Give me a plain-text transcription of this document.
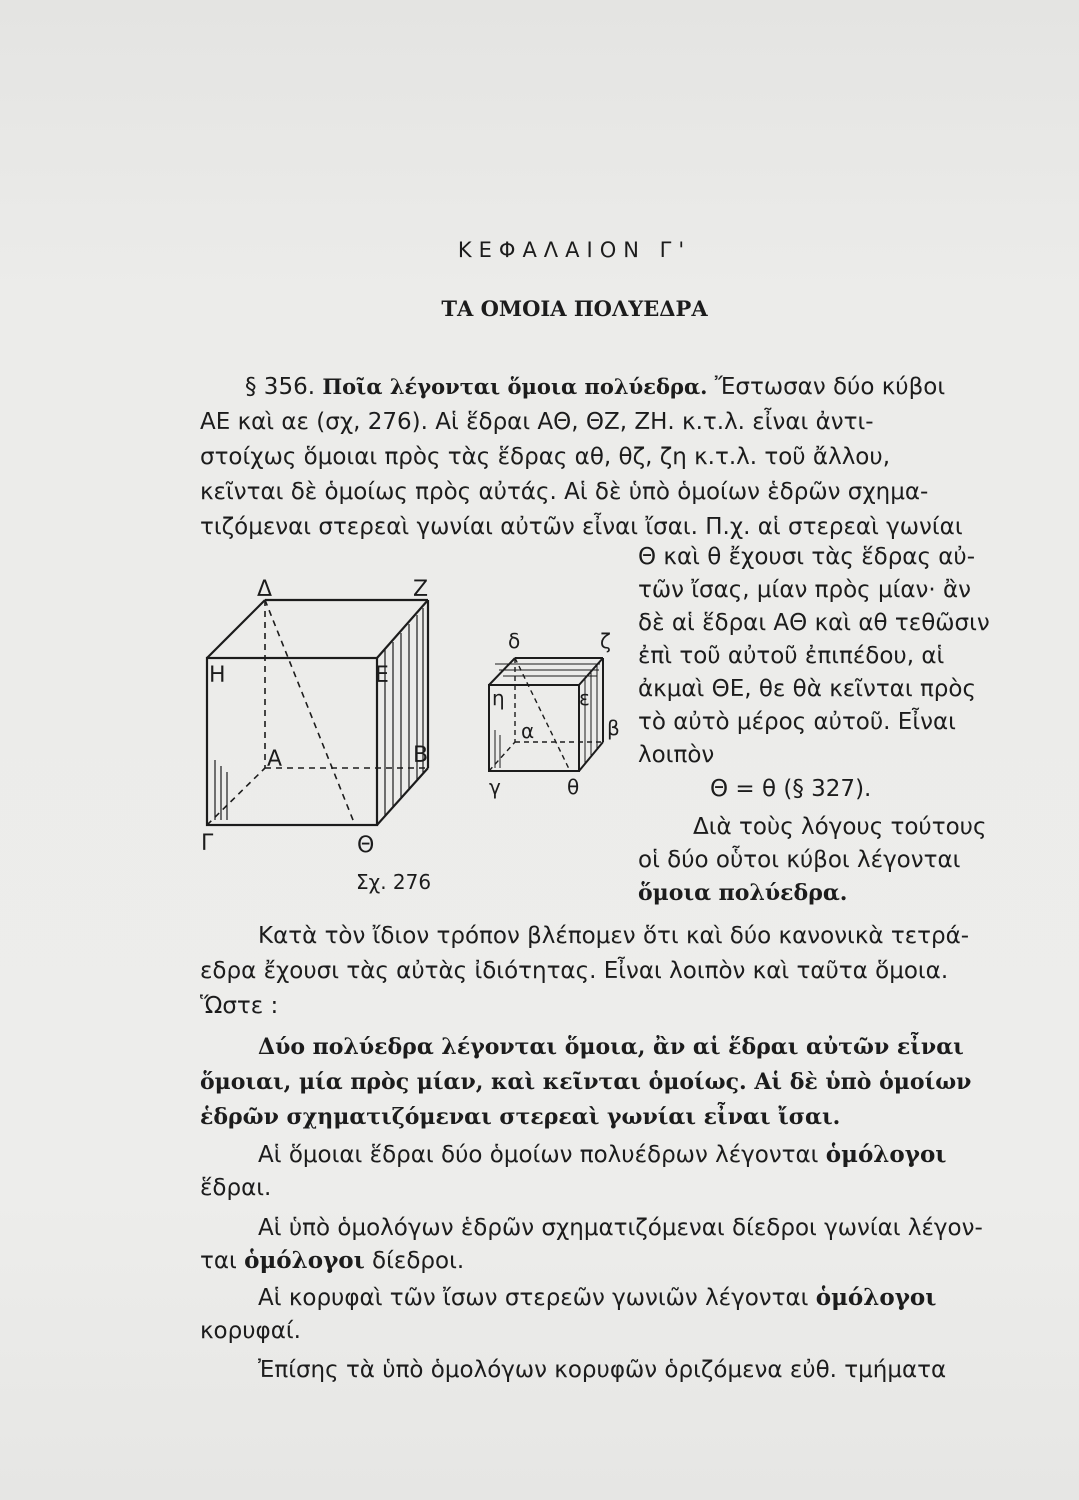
ΚΕΦΑΛΑΙΟΝ Γ'
ΤΑ ΟΜΟΙΑ ΠΟΛΥΕΔΡΑ
§ 356. Ποῖα λέγονται ὅμοια πολύεδρα. Ἔστωσαν δύο κύβοι
ΑΕ καὶ αε (σχ, 276). Αἱ ἕδραι ΑΘ, ΘΖ, ΖΗ. κ.τ.λ. εἶναι ἀντι-
στοίχως ὅμοιαι πρὸς τὰς ἕδρας αθ, θζ, ζη κ.τ.λ. τοῦ ἄλλου,
κεῖνται δὲ ὁμοίως πρὸς αὐτάς. Αἱ δὲ ὑπὸ ὁμοίων ἑδρῶν σχημα-
τιζόμεναι στερεαὶ γωνίαι αὐτῶν εἶναι ἴσαι. Π.χ. αἱ στερεαὶ γωνίαι
Δ	Ζ
Η	Ε
Α	Β
Γ	Θ
δ	ζ
η	ε
α	β
γ	θ
Σχ. 276
Θ καὶ θ ἔχουσι τὰς ἕδρας αὐ-
τῶν ἴσας, μίαν πρὸς μίαν· ἂν
δὲ αἱ ἕδραι ΑΘ καὶ αθ τεθῶσιν
ἐπὶ τοῦ αὐτοῦ ἐπιπέδου, αἱ
ἀκμαὶ ΘΕ, θε θὰ κεῖνται πρὸς
τὸ αὐτὸ μέρος αὐτοῦ. Εἶναι
λοιπὸν
Θ = θ (§ 327).
Διὰ τοὺς λόγους τούτους
οἱ δύο οὗτοι κύβοι λέγονται
ὅμοια πολύεδρα.
Κατὰ τὸν ἴδιον τρόπον βλέπομεν ὅτι καὶ δύο κανονικὰ τετρά-
εδρα ἔχουσι τὰς αὐτὰς ἰδιότητας. Εἶναι λοιπὸν καὶ ταῦτα ὅμοια.
Ὥστε :
Δύο πολύεδρα λέγονται ὅμοια, ἂν αἱ ἕδραι αὐτῶν εἶναι
ὅμοιαι, μία πρὸς μίαν, καὶ κεῖνται ὁμοίως. Αἱ δὲ ὑπὸ ὁμοίων
ἑδρῶν σχηματιζόμεναι στερεαὶ γωνίαι εἶναι ἴσαι.
Αἱ ὅμοιαι ἕδραι δύο ὁμοίων πολυέδρων λέγονται ὁμόλογοι
ἕδραι.
Αἱ ὑπὸ ὁμολόγων ἑδρῶν σχηματιζόμεναι δίεδροι γωνίαι λέγον-
ται ὁμόλογοι δίεδροι.
Αἱ κορυφαὶ τῶν ἴσων στερεῶν γωνιῶν λέγονται ὁμόλογοι
κορυφαί.
Ἐπίσης τὰ ὑπὸ ὁμολόγων κορυφῶν ὁριζόμενα εὐθ. τμήματα
